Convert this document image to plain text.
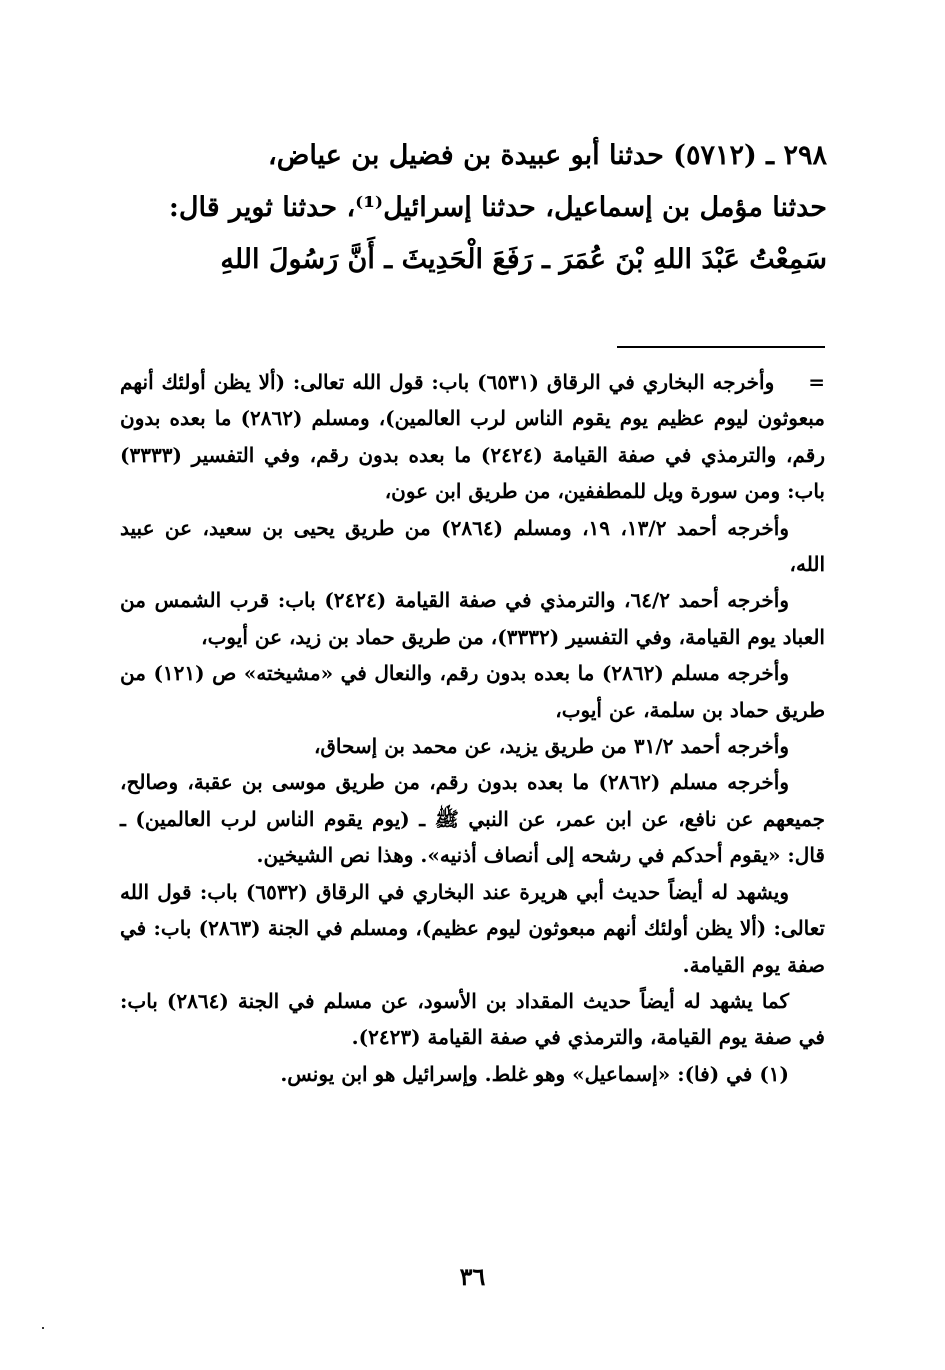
٢٩٨ ـ (٥٧١٢) حدثنا أبو عبيدة بن فضيل بن عياض،
حدثنا مؤمل بن إسماعيل، حدثنا إسرائيل⁽¹⁾، حدثنا ثوير قال:
سَمِعْتُ عَبْدَ اللهِ بْنَ عُمَرَ ـ رَفَعَ الْحَدِيثَ ـ أَنَّ رَسُولَ اللهِ

=وأخرجه البخاري في الرقاق (٦٥٣١) باب: قول الله تعالى: (ألا يظن أولئك أنهم مبعوثون ليوم عظيم يوم يقوم الناس لرب العالمين)، ومسلم (٢٨٦٢) ما بعده بدون رقم، والترمذي في صفة القيامة (٢٤٢٤) ما بعده بدون رقم، وفي التفسير (٣٣٣٣) باب: ومن سورة ويل للمطففين، من طريق ابن عون،

وأخرجه أحمد ١٣/٢، ١٩، ومسلم (٢٨٦٤) من طريق يحيى بن سعيد، عن عبيد الله،

وأخرجه أحمد ٦٤/٢، والترمذي في صفة القيامة (٢٤٢٤) باب: قرب الشمس من العباد يوم القيامة، وفي التفسير (٣٣٣٢)، من طريق حماد بن زيد، عن أيوب،

وأخرجه مسلم (٢٨٦٢) ما بعده بدون رقم، والنعال في «مشيخته» ص (١٢١) من طريق حماد بن سلمة، عن أيوب،

وأخرجه أحمد ٣١/٢ من طريق يزيد، عن محمد بن إسحاق،

وأخرجه مسلم (٢٨٦٢) ما بعده بدون رقم، من طريق موسى بن عقبة، وصالح، جميعهم عن نافع، عن ابن عمر، عن النبي ﷺ ـ (يوم يقوم الناس لرب العالمين) ـ قال: «يقوم أحدكم في رشحه إلى أنصاف أذنيه». وهذا نص الشيخين.

ويشهد له أيضاً حديث أبي هريرة عند البخاري في الرقاق (٦٥٣٢) باب: قول الله تعالى: (ألا يظن أولئك أنهم مبعوثون ليوم عظيم)، ومسلم في الجنة (٢٨٦٣) باب: في صفة يوم القيامة.

كما يشهد له أيضاً حديث المقداد بن الأسود، عن مسلم في الجنة (٢٨٦٤) باب: في صفة يوم القيامة، والترمذي في صفة القيامة (٢٤٢٣).

(١) في (فا): «إسماعيل» وهو غلط. وإسرائيل هو ابن يونس.

٣٦
